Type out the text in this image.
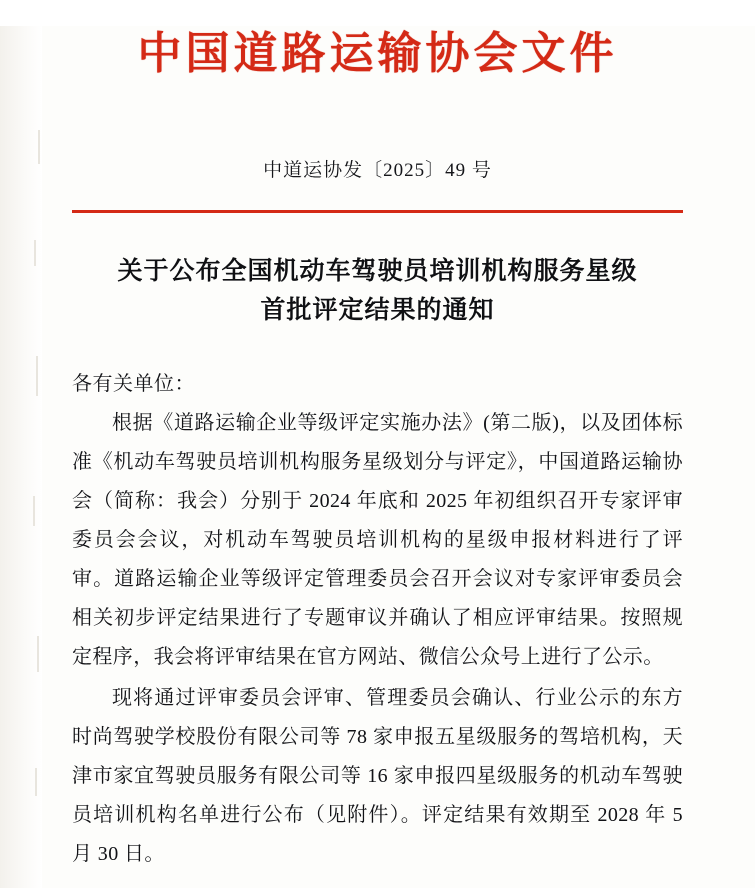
中国道路运输协会文件
中道运协发〔2025〕49 号
关于公布全国机动车驾驶员培训机构服务星级
首批评定结果的通知
各有关单位：

根据《道路运输企业等级评定实施办法》(第二版)，以及团体标准《机动车驾驶员培训机构服务星级划分与评定》，中国道路运输协会（简称：我会）分别于 2024 年底和 2025 年初组织召开专家评审委员会会议，对机动车驾驶员培训机构的星级申报材料进行了评审。道路运输企业等级评定管理委员会召开会议对专家评审委员会相关初步评定结果进行了专题审议并确认了相应评审结果。按照规定程序，我会将评审结果在官方网站、微信公众号上进行了公示。

现将通过评审委员会评审、管理委员会确认、行业公示的东方时尚驾驶学校股份有限公司等 78 家申报五星级服务的驾培机构，天津市家宜驾驶员服务有限公司等 16 家申报四星级服务的机动车驾驶员培训机构名单进行公布（见附件）。评定结果有效期至 2028 年 5 月 30 日。
